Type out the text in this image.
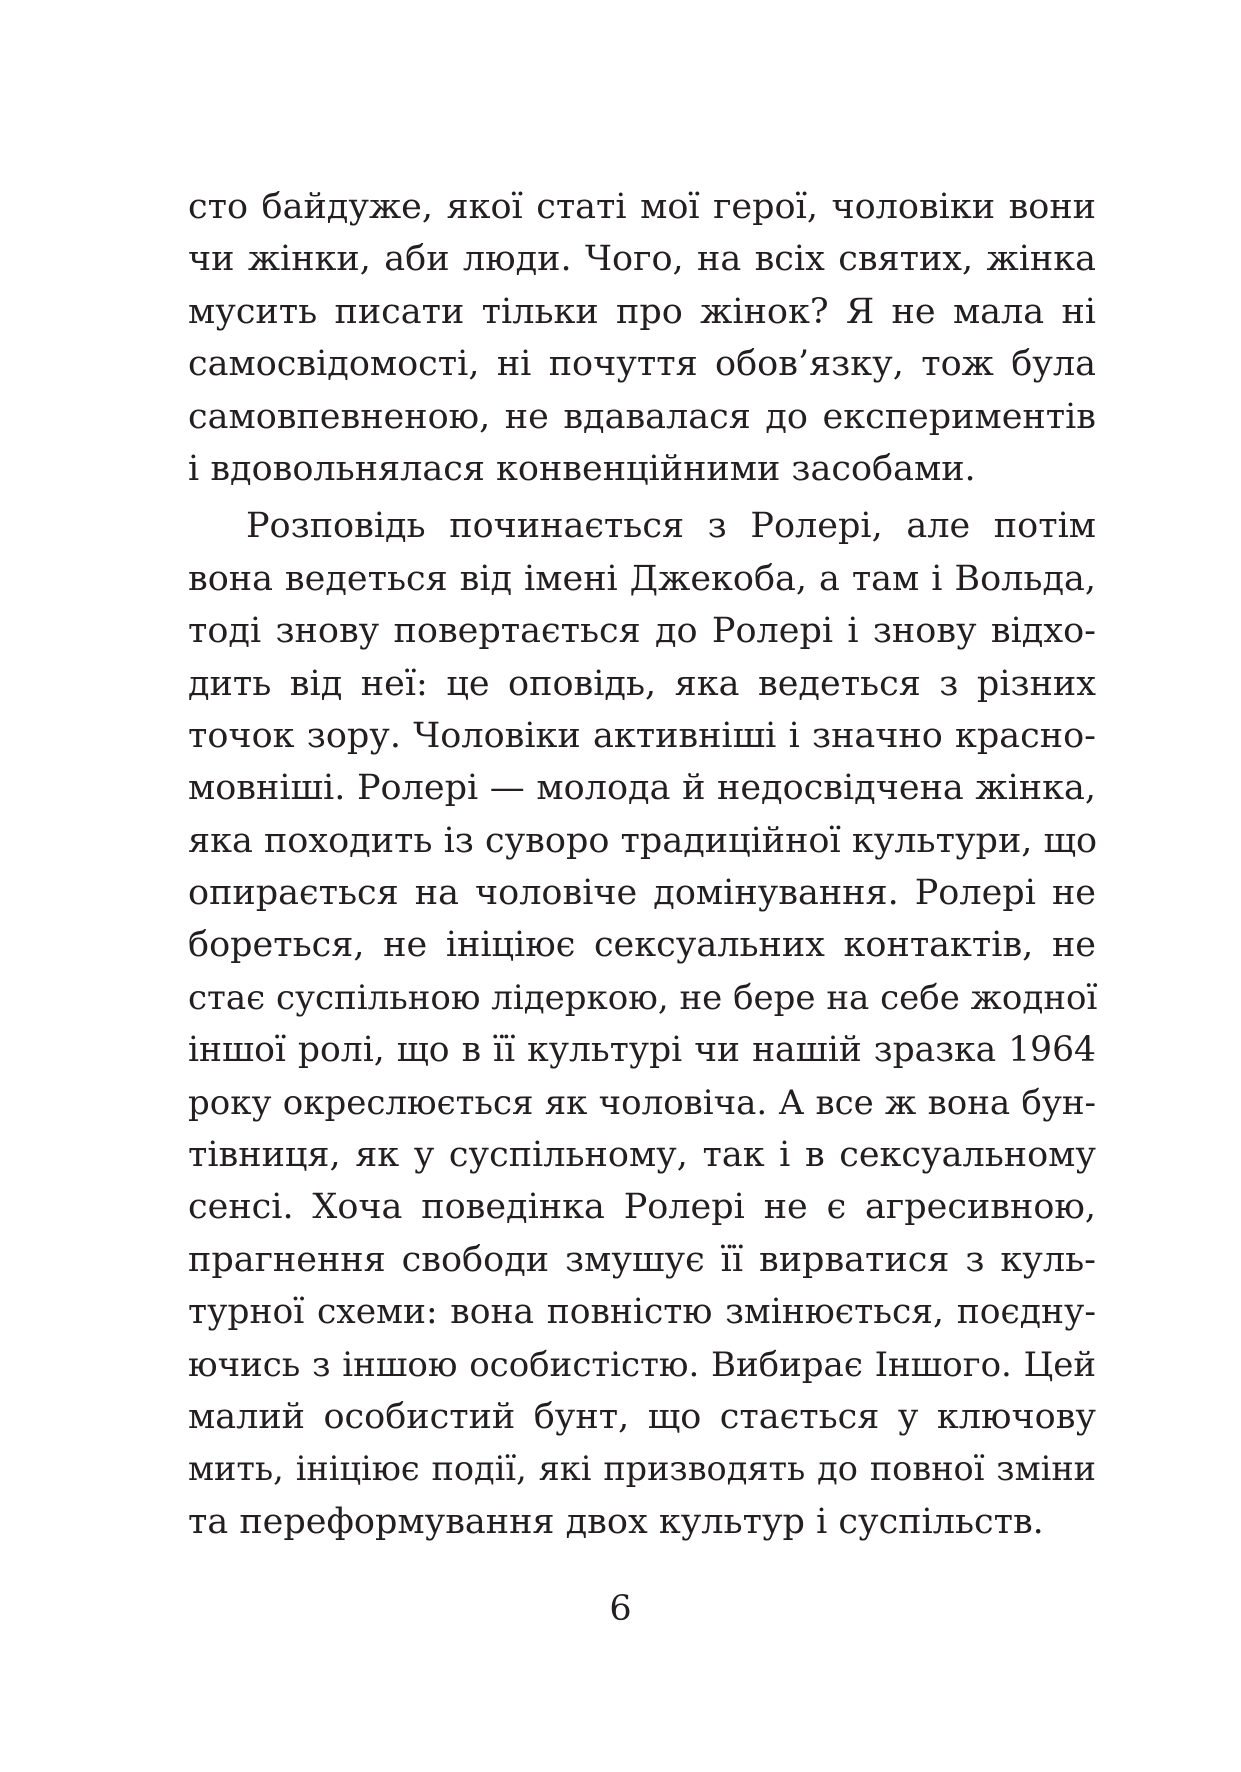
сто байдуже, якої статі мої герої, чоловіки вони
чи жінки, аби люди. Чого, на всіх святих, жінка
мусить писати тільки про жінок? Я не мала ні
самосвідомості, ні почуття обов’язку, тож була
самовпевненою, не вдавалася до експериментів
і вдовольнялася конвенційними засобами.
Розповідь починається з Ролері, але потім
вона ведеться від імені Джекоба, а там і Вольда,
тоді знову повертається до Ролері і знову відхо-
дить від неї: це оповідь, яка ведеться з різних
точок зору. Чоловіки активніші і значно красно-
мовніші. Ролері — молода й недосвідчена жінка,
яка походить із суворо традиційної культури, що
опирається на чоловіче домінування. Ролері не
бореться, не ініціює сексуальних контактів, не
стає суспільною лідеркою, не бере на себе жодної
іншої ролі, що в її культурі чи нашій зразка 1964
року окреслюється як чоловіча. А все ж вона бун-
тівниця, як у суспільному, так і в сексуальному
сенсі. Хоча поведінка Ролері не є агресивною,
прагнення свободи змушує її вирватися з куль-
турної схеми: вона повністю змінюється, поєдну-
ючись з іншою особистістю. Вибирає Іншого. Цей
малий особистий бунт, що стається у ключову
мить, ініціює події, які призводять до повної зміни
та переформування двох культур і суспільств.
6
